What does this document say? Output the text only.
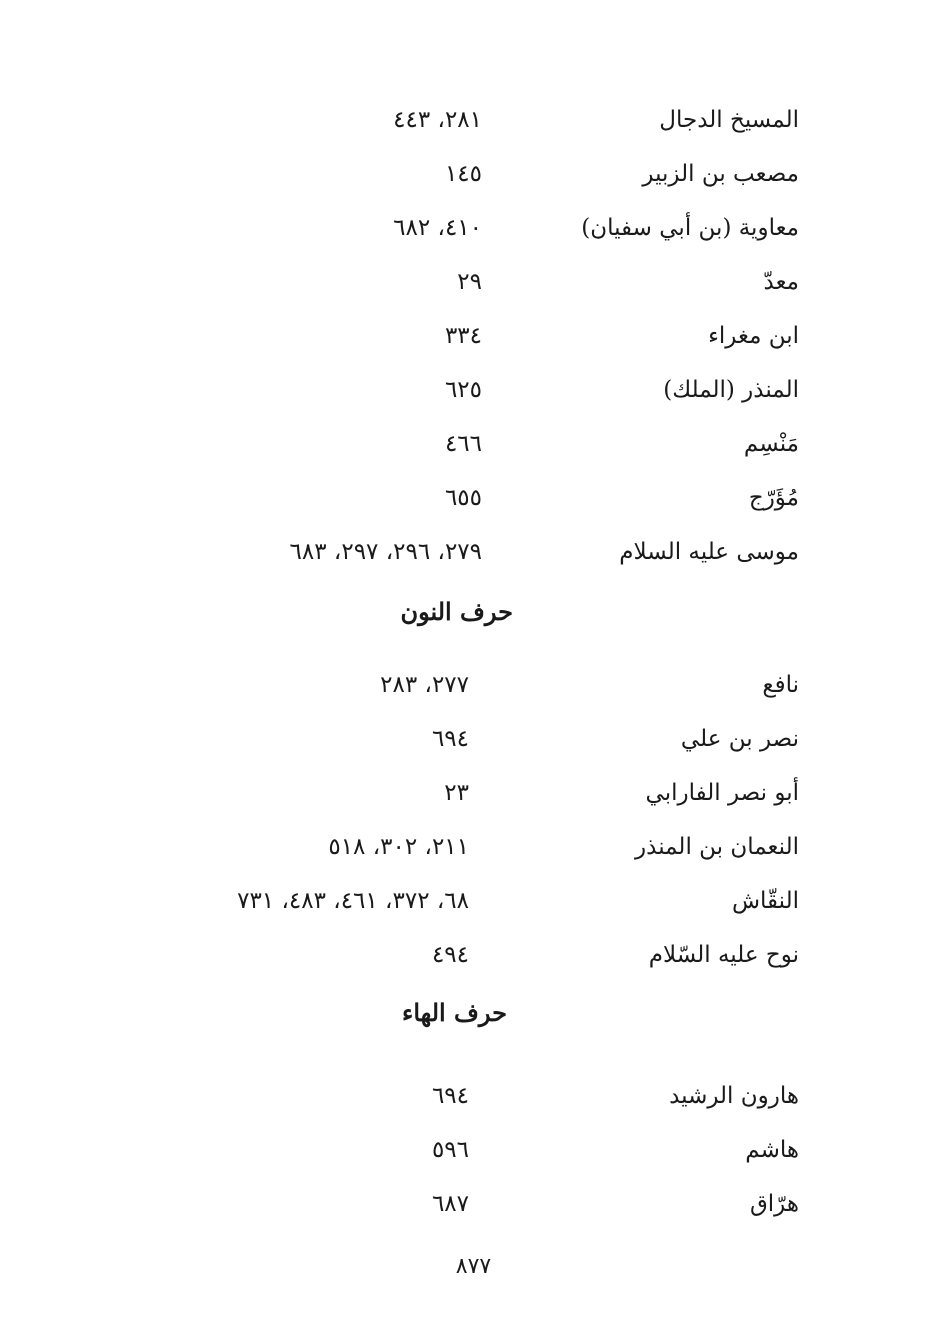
المسيخ الدجال
٢٨١، ٤٤٣
مصعب بن الزبير
١٤٥
معاوية (بن أبي سفيان)
٤١٠، ٦٨٢
معدّ
٢٩
ابن مغراء
٣٣٤
المنذر (الملك)
٦٢٥
مَنْسِم
٤٦٦
مُؤَرّج
٦٥٥
موسى عليه السلام
٢٧٩، ٢٩٦، ٢٩٧، ٦٨٣
حرف النون
نافع
٢٧٧، ٢٨٣
نصر بن علي
٦٩٤
أبو نصر الفارابي
٢٣
النعمان بن المنذر
٢١١، ٣٠٢، ٥١٨
النقّاش
٦٨، ٣٧٢، ٤٦١، ٤٨٣، ٧٣١
نوح عليه السّلام
٤٩٤
حرف الهاء
هارون الرشيد
٦٩٤
هاشم
٥٩٦
هرّاق
٦٨٧
٨٧٧
